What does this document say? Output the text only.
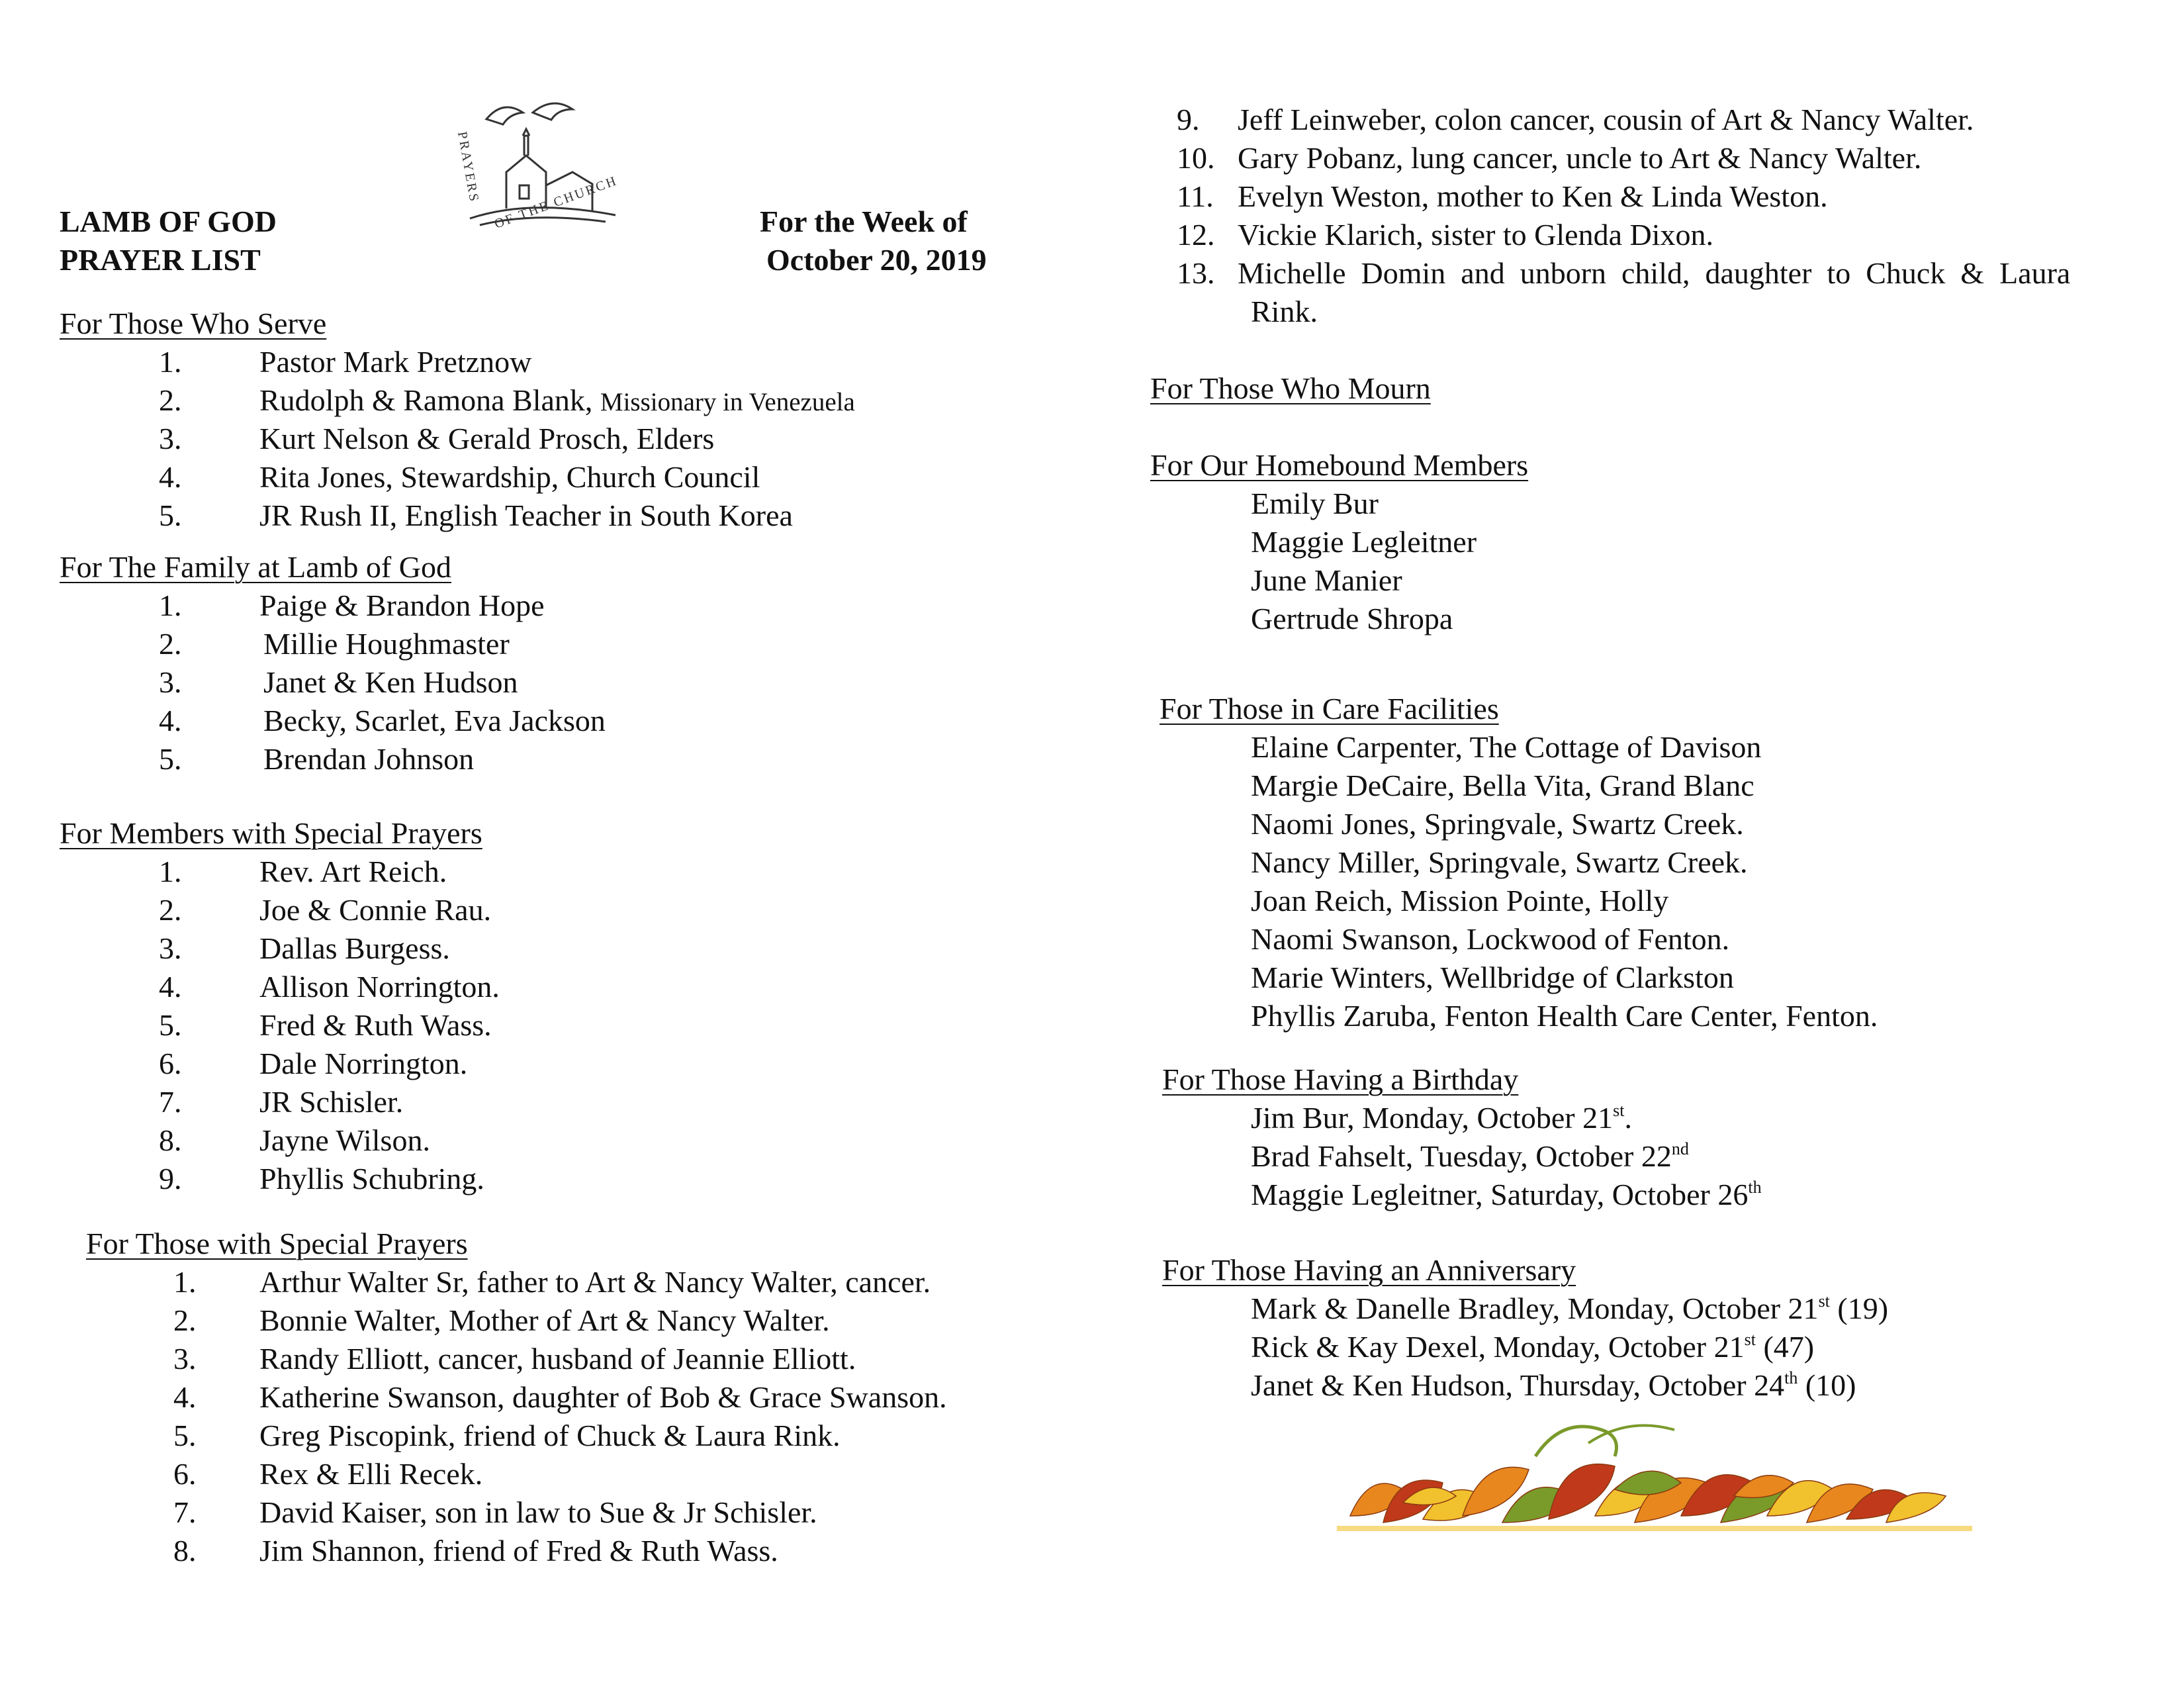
PRAYERS OF THE CHURCH
LAMB OF GOD
PRAYER LIST
For the Week of
October 20, 2019
For Those Who Serve
1.	Pastor Mark Pretznow
2.	Rudolph & Ramona Blank, Missionary in Venezuela
3.	Kurt Nelson & Gerald Prosch, Elders
4.	Rita Jones, Stewardship, Church Council
5.	JR Rush II, English Teacher in South Korea
For The Family at Lamb of God
1.	Paige & Brandon Hope
2.	Millie Houghmaster
3.	Janet & Ken Hudson
4.	Becky, Scarlet, Eva Jackson
5.	Brendan Johnson
For Members with Special Prayers
1.	Rev. Art Reich.
2.	Joe & Connie Rau.
3.	Dallas Burgess.
4.	Allison Norrington.
5.	Fred & Ruth Wass.
6.	Dale Norrington.
7.	JR Schisler.
8.	Jayne Wilson.
9.	Phyllis Schubring.
For Those with Special Prayers
1. Arthur Walter Sr, father to Art & Nancy Walter, cancer.
2. Bonnie Walter, Mother of Art & Nancy Walter.
3. Randy Elliott, cancer, husband of Jeannie Elliott.
4. Katherine Swanson, daughter of Bob & Grace Swanson.
5. Greg Piscopink, friend of Chuck & Laura Rink.
6. Rex & Elli Recek.
7. David Kaiser, son in law to Sue & Jr Schisler.
8. Jim Shannon, friend of Fred & Ruth Wass.
9. Jeff Leinweber, colon cancer, cousin of Art & Nancy Walter.
10. Gary Pobanz, lung cancer, uncle to Art & Nancy Walter.
11. Evelyn Weston, mother to Ken & Linda Weston.
12. Vickie Klarich, sister to Glenda Dixon.
13. Michelle  Domin  and  unborn  child,  daughter  to  Chuck  &  Laura
Rink.
For Those Who Mourn
For Our Homebound Members
Emily Bur
Maggie Legleitner
June Manier
Gertrude Shropa
For Those in Care Facilities
Elaine Carpenter, The Cottage of Davison
Margie DeCaire, Bella Vita, Grand Blanc
Naomi Jones, Springvale, Swartz Creek.
Nancy Miller, Springvale, Swartz Creek.
Joan Reich, Mission Pointe, Holly
Naomi Swanson, Lockwood of Fenton.
Marie Winters, Wellbridge of Clarkston
Phyllis Zaruba, Fenton Health Care Center, Fenton.
For Those Having a Birthday
Jim Bur, Monday, October 21st.
Brad Fahselt, Tuesday, October 22nd
Maggie Legleitner, Saturday, October 26th
For Those Having an Anniversary
Mark & Danelle Bradley, Monday, October 21st (19)
Rick & Kay Dexel, Monday, October 21st (47)
Janet & Ken Hudson, Thursday, October 24th (10)
